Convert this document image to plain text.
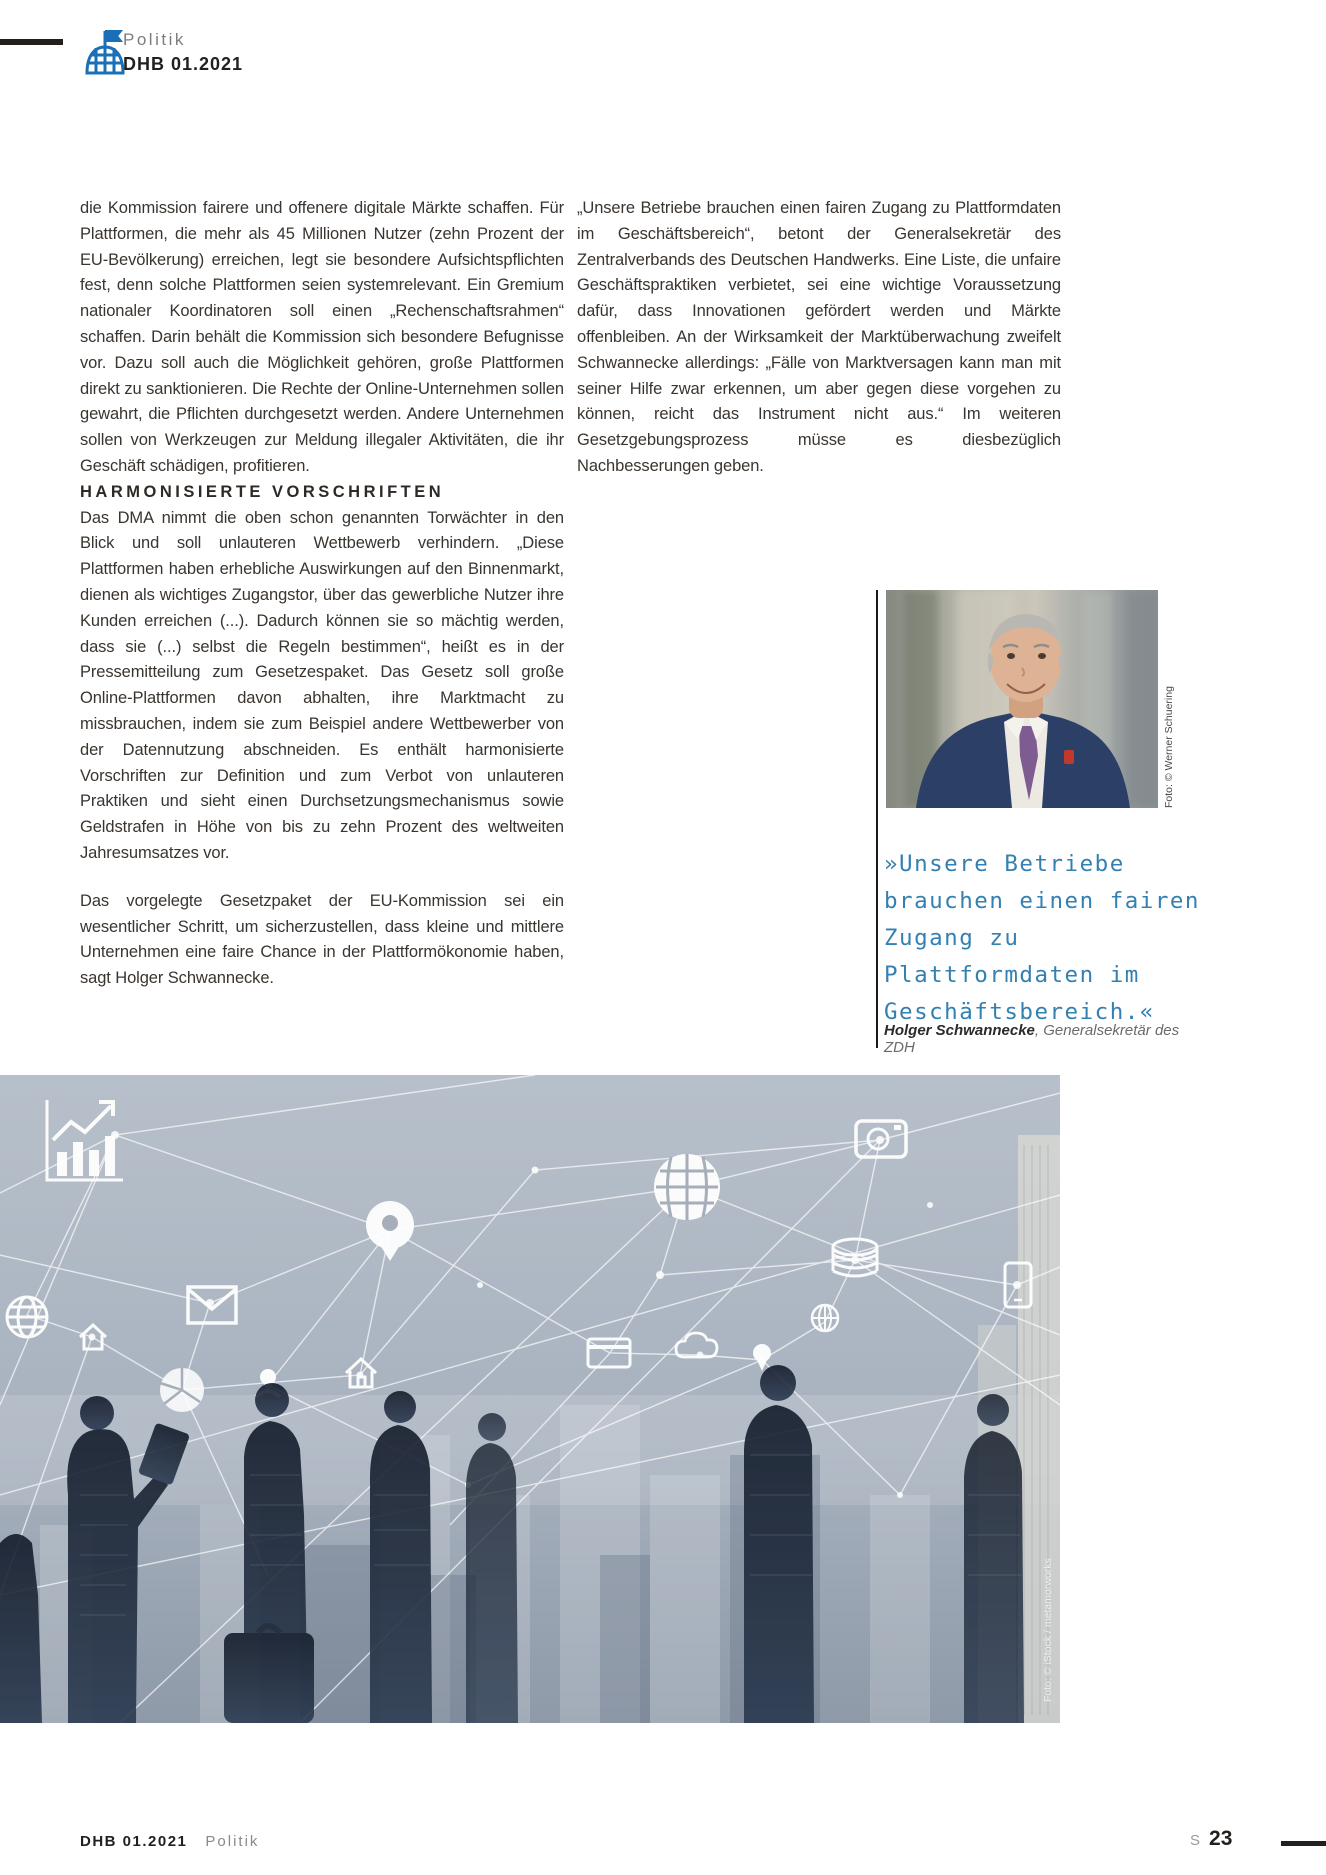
Politik
DHB 01.2021

die Kommission fairere und offenere digitale Märkte schaffen. Für Plattformen, die mehr als 45 Millionen Nutzer (zehn Prozent der EU-Bevölkerung) erreichen, legt sie besondere Aufsichtspflichten fest, denn solche Plattformen seien systemrelevant. Ein Gremium nationaler Koordinatoren soll einen „Rechenschaftsrahmen“ schaffen. Darin behält die Kommission sich besondere Befugnisse vor. Dazu soll auch die Möglichkeit gehören, große Plattformen direkt zu sanktionieren. Die Rechte der Online-Unternehmen sollen gewahrt, die Pflichten durchgesetzt werden. Andere Unternehmen sollen von Werkzeugen zur Meldung illegaler Aktivitäten, die ihr Geschäft schädigen, profitieren.

HARMONISIERTE VORSCHRIFTEN

Das DMA nimmt die oben schon genannten Torwächter in den Blick und soll unlauteren Wettbewerb verhindern. „Diese Plattformen haben erhebliche Auswirkungen auf den Binnenmarkt, dienen als wichtiges Zugangstor, über das gewerbliche Nutzer ihre Kunden erreichen (...). Dadurch können sie so mächtig werden, dass sie (...) selbst die Regeln bestimmen“, heißt es in der Pressemitteilung zum Gesetzespaket. Das Gesetz soll große Online-Plattformen davon abhalten, ihre Marktmacht zu missbrauchen, indem sie zum Beispiel andere Wettbewerber von der Datennutzung abschneiden. Es enthält harmonisierte Vorschriften zur Definition und zum Verbot von unlauteren Praktiken und sieht einen Durchsetzungsmechanismus sowie Geldstrafen in Höhe von bis zu zehn Prozent des weltweiten Jahresumsatzes vor.

Das vorgelegte Gesetzpaket der EU-Kommission sei ein wesentlicher Schritt, um sicherzustellen, dass kleine und mittlere Unternehmen eine faire Chance in der Plattformökonomie haben, sagt Holger Schwannecke.

„Unsere Betriebe brauchen einen fairen Zugang zu Plattformdaten im Geschäftsbereich“, betont der Generalsekretär des Zentralverbands des Deutschen Handwerks. Eine Liste, die unfaire Geschäftspraktiken verbietet, sei eine wichtige Voraussetzung dafür, dass Innovationen gefördert werden und Märkte offenbleiben. An der Wirksamkeit der Marktüberwachung zweifelt Schwannecke allerdings: „Fälle von Marktversagen kann man mit seiner Hilfe zwar erkennen, um aber gegen diese vorgehen zu können, reicht das Instrument nicht aus.“ Im weiteren Gesetzgebungsprozess müsse es diesbezüglich Nachbesserungen geben.

Foto: © Werner Schuering
»Unsere Betriebe brauchen einen fairen Zugang zu Plattformdaten im Geschäftsbereich.«
Holger Schwannecke, Generalsekretär des ZDH
Foto: © iStock / metamorworks
DHB 01.2021 Politik	S 23
